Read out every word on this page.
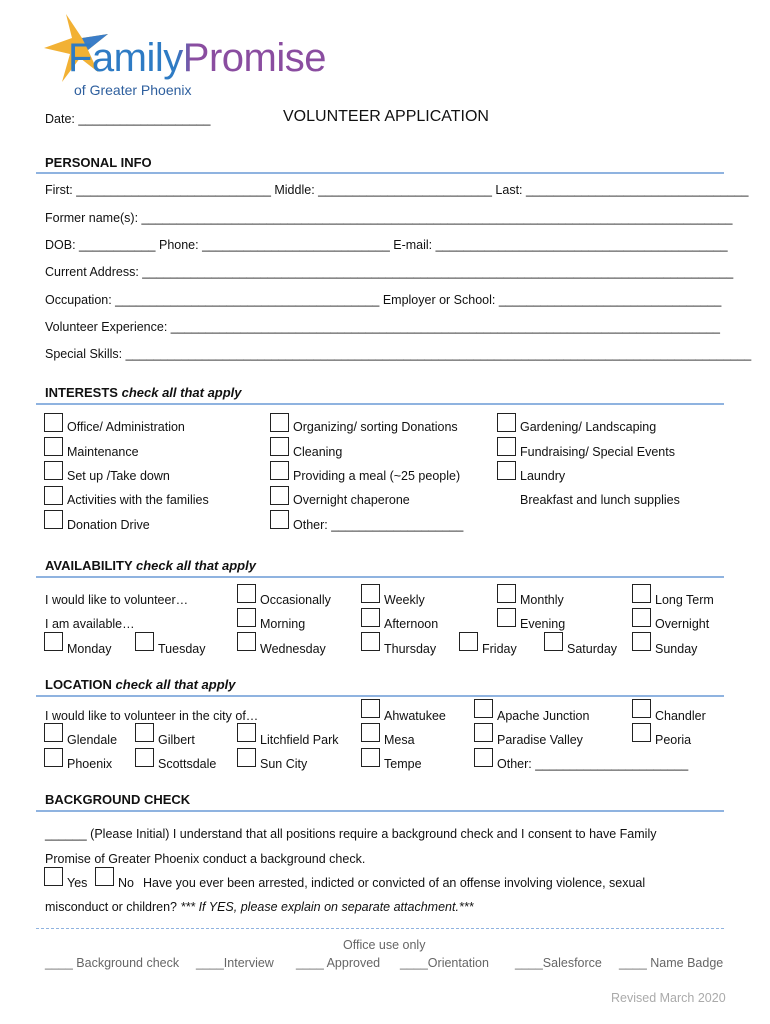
FamilyPromise
of Greater Phoenix
Date: ___________________	VOLUNTEER APPLICATION
PERSONAL INFO
First: ____________________________ Middle: _________________________ Last: ________________________________
Former name(s): _____________________________________________________________________________________
DOB: ___________ Phone: ___________________________ E-mail: __________________________________________
Current Address: _____________________________________________________________________________________
Occupation: ______________________________________ Employer or School: ________________________________
Volunteer Experience: _______________________________________________________________________________
Special Skills: __________________________________________________________________________________________
INTERESTS check all that apply
Office/ Administration	Organizing/ sorting Donations	Gardening/ Landscaping
Maintenance	Cleaning	Fundraising/ Special Events
Set up /Take down	Providing a meal (~25 people)	Laundry
Activities with the families	Overnight chaperone	Breakfast and lunch supplies
Donation Drive	Other: ___________________
AVAILABILITY check all that apply
I would like to volunteer…	Occasionally	Weekly	Monthly	Long Term
I am available…	Morning	Afternoon	Evening	Overnight
Monday	Tuesday	Wednesday	Thursday	Friday	Saturday	Sunday
LOCATION check all that apply
I would like to volunteer in the city of…	Ahwatukee	Apache Junction	Chandler
Glendale	Gilbert	Litchfield Park	Mesa	Paradise Valley	Peoria
Phoenix	Scottsdale	Sun City	Tempe	Other: ______________________
BACKGROUND CHECK
______ (Please Initial) I understand that all positions require a background check and I consent to have Family
Promise of Greater Phoenix conduct a background check.
Yes No Have you ever been arrested, indicted or convicted of an offense involving violence, sexual
misconduct or children? *** If YES, please explain on separate attachment.***
Office use only
____ Background check ____Interview ____ Approved ____Orientation ____Salesforce ____ Name Badge
Revised March 2020
